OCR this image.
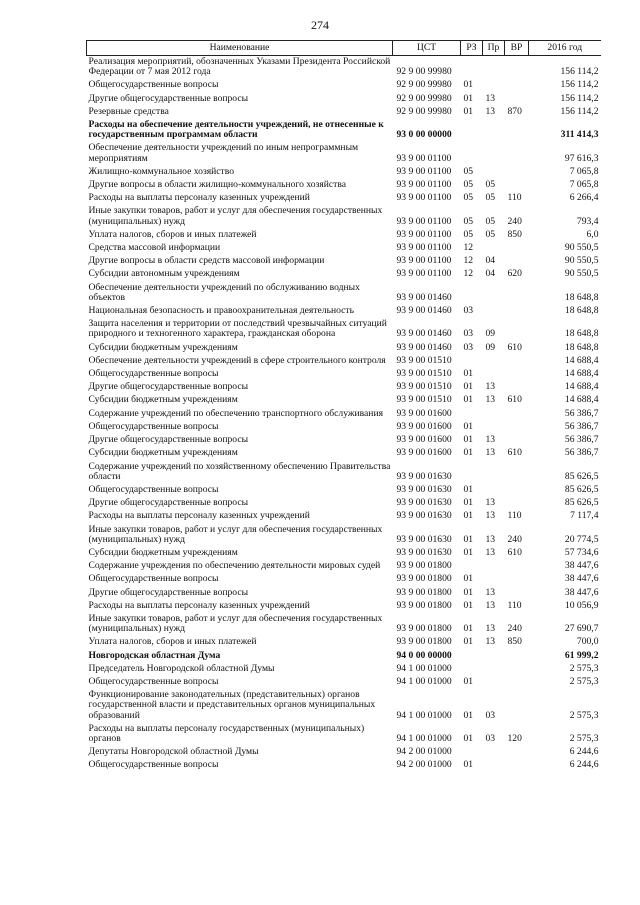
274
Наименование	ЦСТ	РЗ	Пр	ВР	2016 год
Реализация мероприятий, обозначенных Указами Президента Российской Федерации от 7 мая 2012 года	92 9 00 99980				156 114,2
Общегосударственные вопросы	92 9 00 99980	01			156 114,2
Другие общегосударственные вопросы	92 9 00 99980	01	13		156 114,2
Резервные средства	92 9 00 99980	01	13	870	156 114,2
Расходы на обеспечение деятельности учреждений, не отнесенные к государственным программам области	93 0 00 00000				311 414,3
Обеспечение деятельности учреждений по иным непрограммным мероприятиям	93 9 00 01100				97 616,3
Жилищно-коммунальное хозяйство	93 9 00 01100	05			7 065,8
Другие вопросы в области жилищно-коммунального хозяйства	93 9 00 01100	05	05		7 065,8
Расходы на выплаты персоналу казенных учреждений	93 9 00 01100	05	05	110	6 266,4
Иные закупки товаров, работ и услуг для обеспечения государственных (муниципальных) нужд	93 9 00 01100	05	05	240	793,4
Уплата налогов, сборов и иных платежей	93 9 00 01100	05	05	850	6,0
Средства массовой информации	93 9 00 01100	12			90 550,5
Другие вопросы в области средств массовой информации	93 9 00 01100	12	04		90 550,5
Субсидии автономным учреждениям	93 9 00 01100	12	04	620	90 550,5
Обеспечение деятельности учреждений по обслуживанию водных объектов	93 9 00 01460				18 648,8
Национальная безопасность и правоохранительная деятельность	93 9 00 01460	03			18 648,8
Защита населения и территории от последствий чрезвычайных ситуаций природного и техногенного характера, гражданская оборона	93 9 00 01460	03	09		18 648,8
Субсидии бюджетным учреждениям	93 9 00 01460	03	09	610	18 648,8
Обеспечение деятельности учреждений в сфере строительного контроля	93 9 00 01510				14 688,4
Общегосударственные вопросы	93 9 00 01510	01			14 688,4
Другие общегосударственные вопросы	93 9 00 01510	01	13		14 688,4
Субсидии бюджетным учреждениям	93 9 00 01510	01	13	610	14 688,4
Содержание учреждений по обеспечению транспортного обслуживания	93 9 00 01600				56 386,7
Общегосударственные вопросы	93 9 00 01600	01			56 386,7
Другие общегосударственные вопросы	93 9 00 01600	01	13		56 386,7
Субсидии бюджетным учреждениям	93 9 00 01600	01	13	610	56 386,7
Содержание учреждений по хозяйственному обеспечению Правительства области	93 9 00 01630				85 626,5
Общегосударственные вопросы	93 9 00 01630	01			85 626,5
Другие общегосударственные вопросы	93 9 00 01630	01	13		85 626,5
Расходы на выплаты персоналу казенных учреждений	93 9 00 01630	01	13	110	7 117,4
Иные закупки товаров, работ и услуг для обеспечения государственных (муниципальных) нужд	93 9 00 01630	01	13	240	20 774,5
Субсидии бюджетным учреждениям	93 9 00 01630	01	13	610	57 734,6
Содержание учреждения по обеспечению деятельности мировых судей	93 9 00 01800				38 447,6
Общегосударственные вопросы	93 9 00 01800	01			38 447,6
Другие общегосударственные вопросы	93 9 00 01800	01	13		38 447,6
Расходы на выплаты персоналу казенных учреждений	93 9 00 01800	01	13	110	10 056,9
Иные закупки товаров, работ и услуг для обеспечения государственных (муниципальных) нужд	93 9 00 01800	01	13	240	27 690,7
Уплата налогов, сборов и иных платежей	93 9 00 01800	01	13	850	700,0
Новгородская областная Дума	94 0 00 00000				61 999,2
Председатель Новгородской областной Думы	94 1 00 01000				2 575,3
Общегосударственные вопросы	94 1 00 01000	01			2 575,3
Функционирование законодательных (представительных) органов государственной власти и представительных органов муниципальных образований	94 1 00 01000	01	03		2 575,3
Расходы на выплаты персоналу государственных (муниципальных) органов	94 1 00 01000	01	03	120	2 575,3
Депутаты Новгородской областной Думы	94 2 00 01000				6 244,6
Общегосударственные вопросы	94 2 00 01000	01			6 244,6
